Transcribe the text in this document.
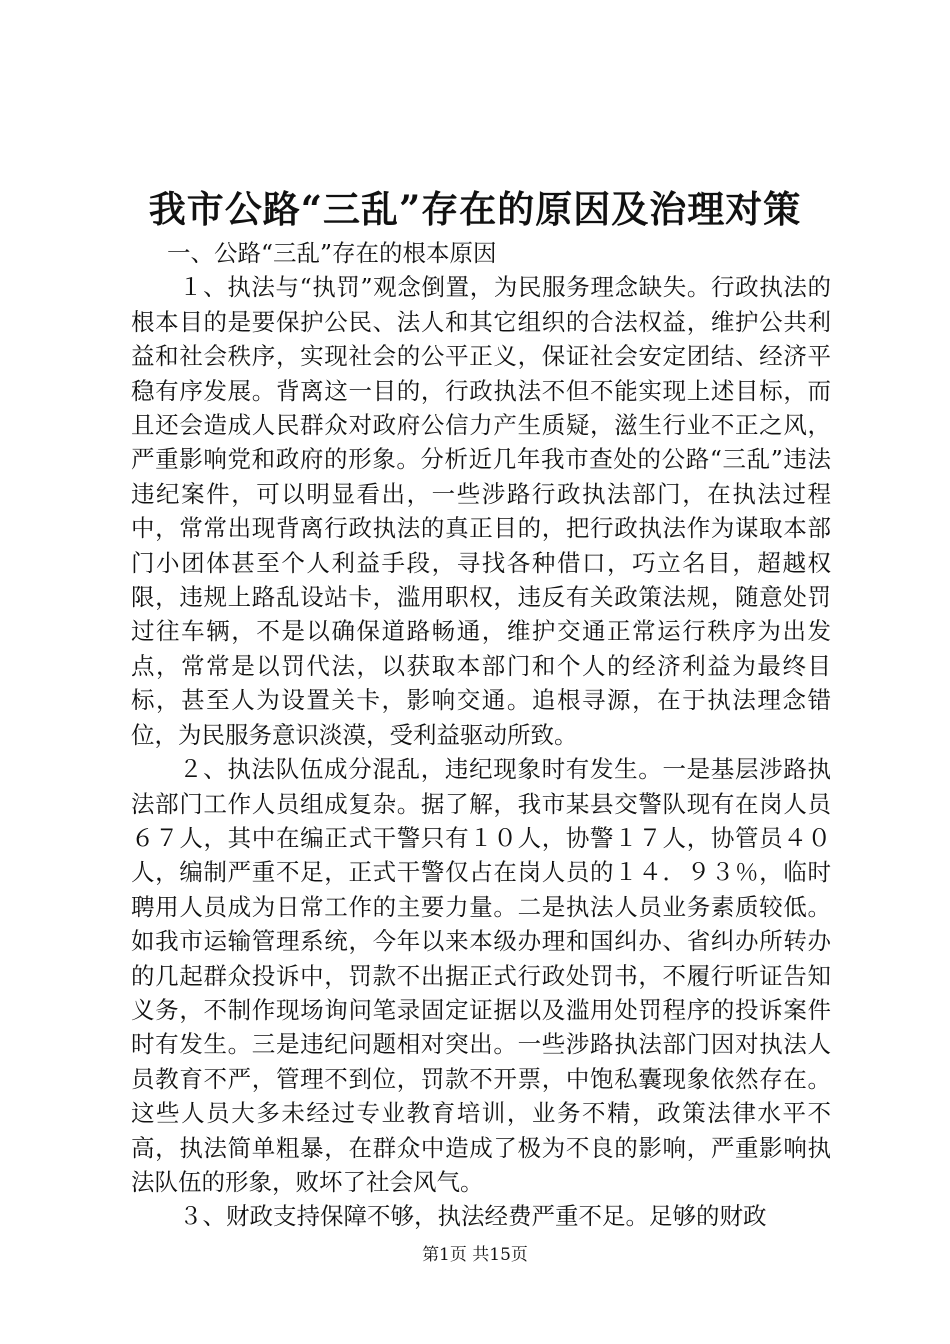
我市公路“三乱”存在的原因及治理对策

一、公路“三乱”存在的根本原因

１、执法与“执罚”观念倒置，为民服务理念缺失。行政执法的根本目的是要保护公民、法人和其它组织的合法权益，维护公共利益和社会秩序，实现社会的公平正义，保证社会安定团结、经济平稳有序发展。背离这一目的，行政执法不但不能实现上述目标，而且还会造成人民群众对政府公信力产生质疑，滋生行业不正之风，严重影响党和政府的形象。分析近几年我市查处的公路“三乱”违法违纪案件，可以明显看出，一些涉路行政执法部门，在执法过程中，常常出现背离行政执法的真正目的，把行政执法作为谋取本部门小团体甚至个人利益手段，寻找各种借口，巧立名目，超越权限，违规上路乱设站卡，滥用职权，违反有关政策法规，随意处罚过往车辆，不是以确保道路畅通，维护交通正常运行秩序为出发点，常常是以罚代法，以获取本部门和个人的经济利益为最终目标，甚至人为设置关卡，影响交通。追根寻源，在于执法理念错位，为民服务意识淡漠，受利益驱动所致。

２、执法队伍成分混乱，违纪现象时有发生。一是基层涉路执法部门工作人员组成复杂。据了解，我市某县交警队现有在岗人员６７人，其中在编正式干警只有１０人，协警１７人，协管员４０人，编制严重不足，正式干警仅占在岗人员的１４．９３％，临时聘用人员成为日常工作的主要力量。二是执法人员业务素质较低。如我市运输管理系统，今年以来本级办理和国纠办、省纠办所转办的几起群众投诉中，罚款不出据正式行政处罚书，不履行听证告知义务，不制作现场询问笔录固定证据以及滥用处罚程序的投诉案件时有发生。三是违纪问题相对突出。一些涉路执法部门因对执法人员教育不严，管理不到位，罚款不开票，中饱私囊现象依然存在。这些人员大多未经过专业教育培训，业务不精，政策法律水平不高，执法简单粗暴，在群众中造成了极为不良的影响，严重影响执法队伍的形象，败坏了社会风气。

３、财政支持保障不够，执法经费严重不足。足够的财政

第1页 共15页
